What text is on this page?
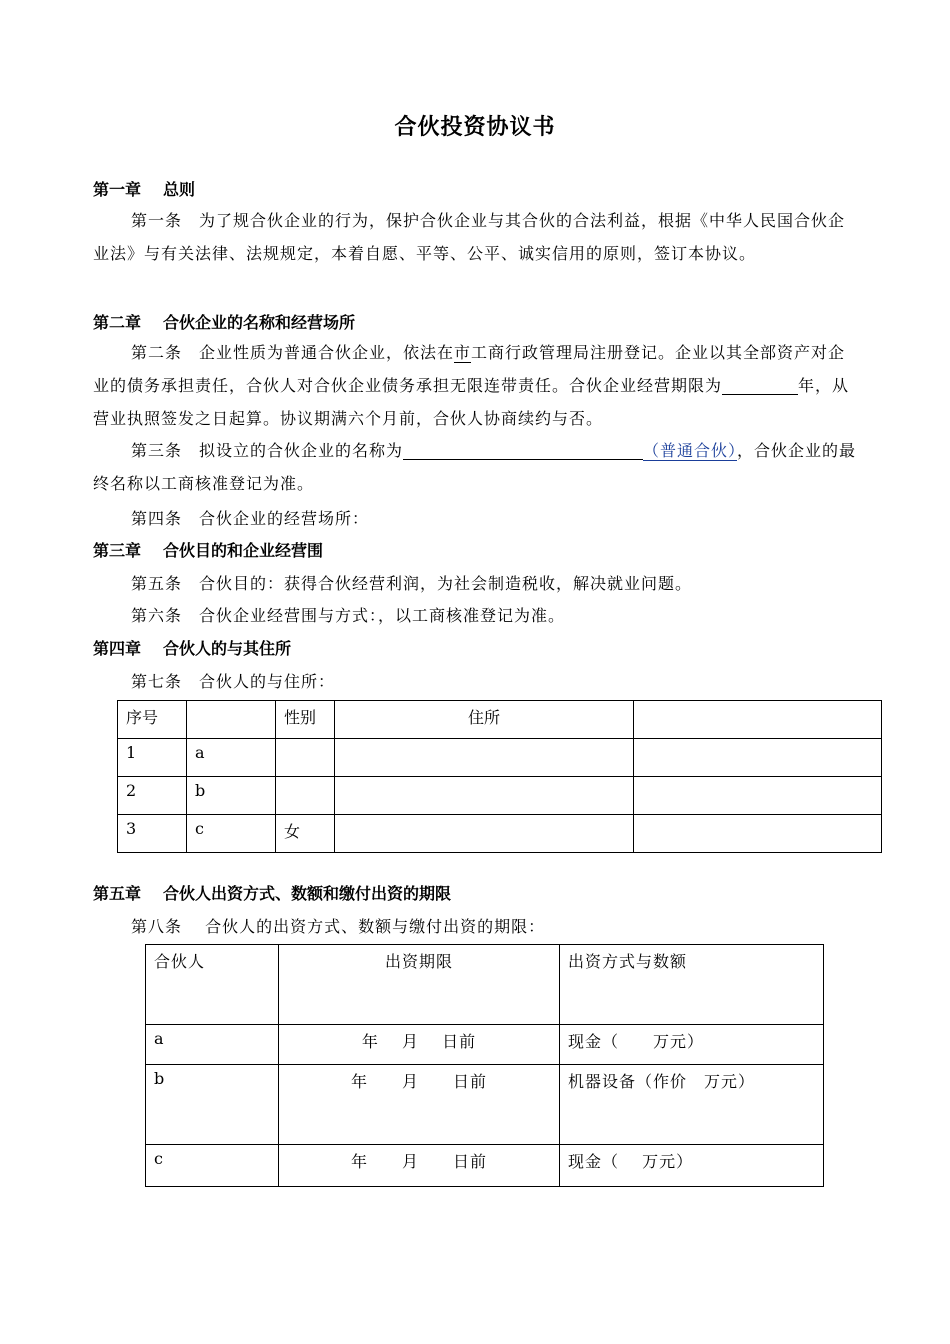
合伙投资协议书
第一章 总则
第一条　为了规合伙企业的行为，保护合伙企业与其合伙的合法利益，根据《中华人民国合伙企业法》与有关法律、法规规定，本着自愿、平等、公平、诚实信用的原则，签订本协议。
第二章 合伙企业的名称和经营场所
第二条　企业性质为普通合伙企业，依法在市工商行政管理局注册登记。企业以其全部资产对企业的债务承担责任，合伙人对合伙企业债务承担无限连带责任。合伙企业经营期限为	年，从营业执照签发之日起算。协议期满六个月前，合伙人协商续约与否。
第三条　拟设立的合伙企业的名称为	（普通合伙），合伙企业的最终名称以工商核准登记为准。
第四条　合伙企业的经营场所：
第三章 合伙目的和企业经营围
第五条　合伙目的：获得合伙经营利润，为社会制造税收，解决就业问题。
第六条　合伙企业经营围与方式：，以工商核准登记为准。
第四章 合伙人的与其住所
第七条　合伙人的与住所：
序号		性别	住所	
1	a			
2	b			
3	c	女		
第五章 合伙人出资方式、数额和缴付出资的期限
第八条　 合伙人的出资方式、数额与缴付出资的期限：
合伙人	出资期限	出资方式与数额
a	年　 月　 日前	现金（　　万元）
b	年　　月　　日前	机器设备（作价　万元）
c	年　　月　　日前	现金（　 万元）
